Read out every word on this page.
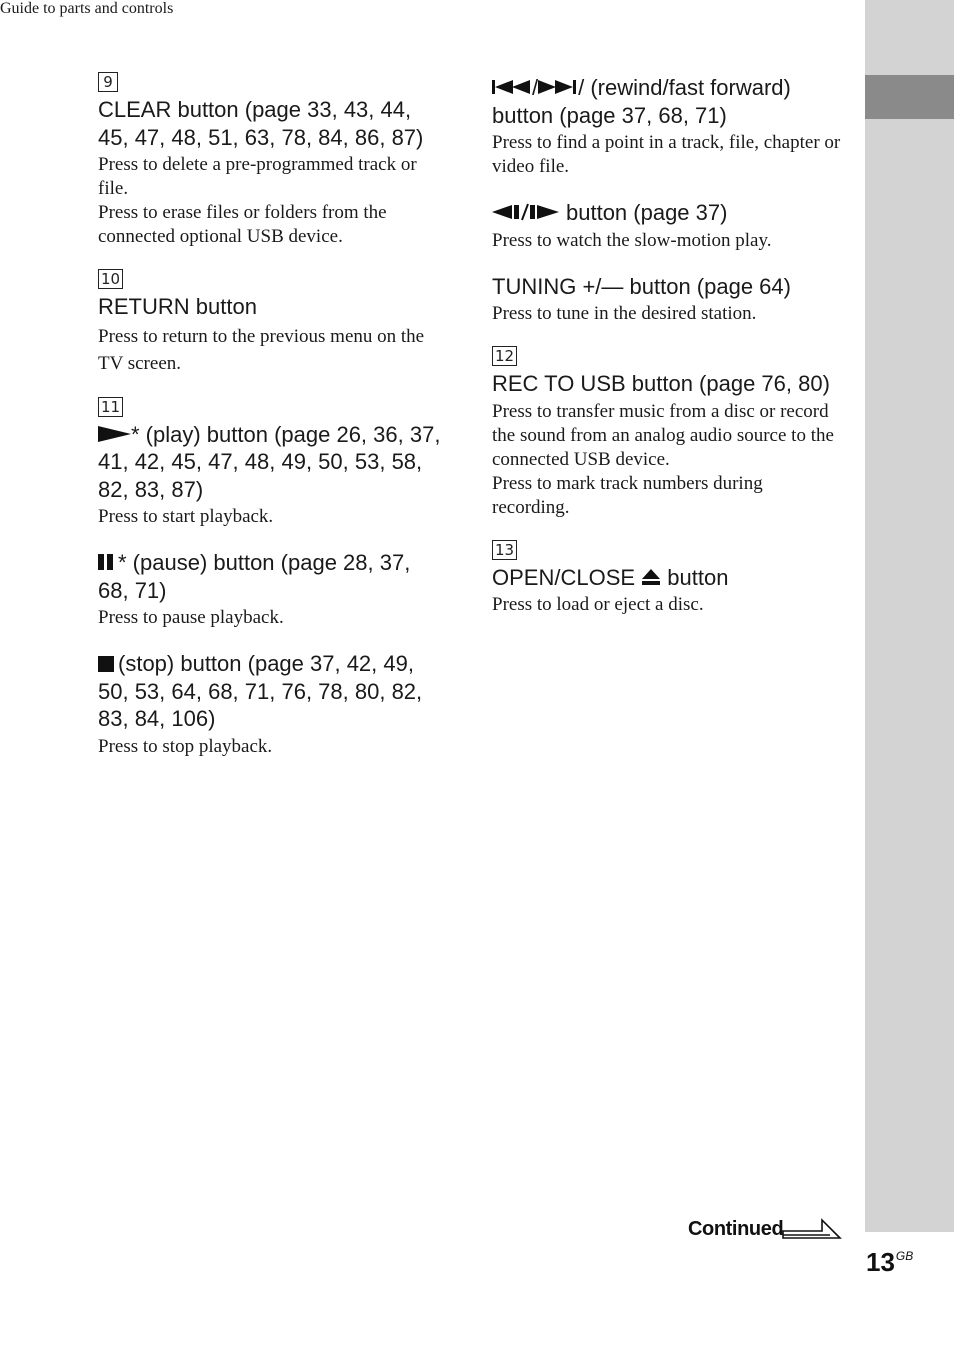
Guide to parts and controls
9
CLEAR button (page 33, 43, 44, 45, 47, 48, 51, 63, 78, 84, 86, 87)

Press to delete a pre-programmed track or file.

Press to erase files or folders from the connected optional USB device.

10
RETURN button

Press to return to the previous menu on the TV screen.

11
* (play) button (page 26, 36, 37, 41, 42, 45, 47, 48, 49, 50, 53, 58, 82, 83, 87)

Press to start playback.

* (pause) button (page 28, 37, 68, 71)

Press to pause playback.

(stop) button (page 37, 42, 49, 50, 53, 64, 68, 71, 76, 78, 80, 82, 83, 84, 106)

Press to stop playback.

/ / (rewind/fast forward) button (page 37, 68, 71)

Press to find a point in a track, file, chapter or video file.

button (page 37)

Press to watch the slow-motion play.

TUNING +/— button (page 64)

Press to tune in the desired station.

12
REC TO USB button (page 76, 80)

Press to transfer music from a disc or record the sound from an analog audio source to the connected USB device.

Press to mark track numbers during recording.

13
OPEN/CLOSE button

Press to load or eject a disc.

Continued
$13^{GB}$
